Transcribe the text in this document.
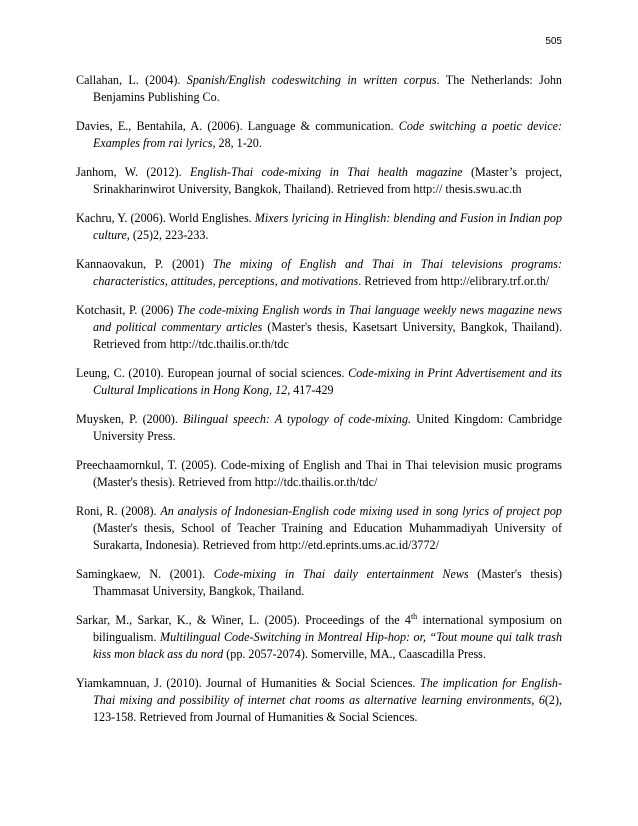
505

Callahan, L. (2004). Spanish/English codeswitching in written corpus. The Netherlands: John Benjamins Publishing Co.

Davies, E., Bentahila, A. (2006). Language & communication. Code switching a poetic device: Examples from rai lyrics, 28, 1-20.

Janhom, W. (2012). English-Thai code-mixing in Thai health magazine (Master’s project, Srinakharinwirot University, Bangkok, Thailand). Retrieved from http:// thesis.swu.ac.th

Kachru, Y. (2006). World Englishes. Mixers lyricing in Hinglish: blending and Fusion in Indian pop culture, (25)2, 223-233.

Kannaovakun, P. (2001) The mixing of English and Thai in Thai televisions programs: characteristics, attitudes, perceptions, and motivations. Retrieved from http://elibrary.trf.or.th/

Kotchasit, P. (2006) The code-mixing English words in Thai language weekly news magazine news and political commentary articles (Master's thesis, Kasetsart University, Bangkok, Thailand). Retrieved from http://tdc.thailis.or.th/tdc

Leung, C. (2010). European journal of social sciences. Code-mixing in Print Advertisement and its Cultural Implications in Hong Kong, 12, 417-429

Muysken, P. (2000). Bilingual speech: A typology of code-mixing. United Kingdom: Cambridge University Press.

Preechaamornkul, T. (2005). Code-mixing of English and Thai in Thai television music programs (Master's thesis). Retrieved from http://tdc.thailis.or.th/tdc/

Roni, R. (2008). An analysis of Indonesian-English code mixing used in song lyrics of project pop (Master's thesis, School of Teacher Training and Education Muhammadiyah University of Surakarta, Indonesia). Retrieved from http://etd.eprints.ums.ac.id/3772/

Samingkaew, N. (2001). Code-mixing in Thai daily entertainment News (Master's thesis) Thammasat University, Bangkok, Thailand.

Sarkar, M., Sarkar, K., & Winer, L. (2005). Proceedings of the 4th international symposium on bilingualism. Multilingual Code-Switching in Montreal Hip-hop: or, “Tout moune qui talk trash kiss mon black ass du nord (pp. 2057-2074). Somerville, MA., Caascadilla Press.

Yiamkamnuan, J. (2010). Journal of Humanities & Social Sciences. The implication for English-Thai mixing and possibility of internet chat rooms as alternative learning environments, 6(2), 123-158. Retrieved from Journal of Humanities & Social Sciences.
